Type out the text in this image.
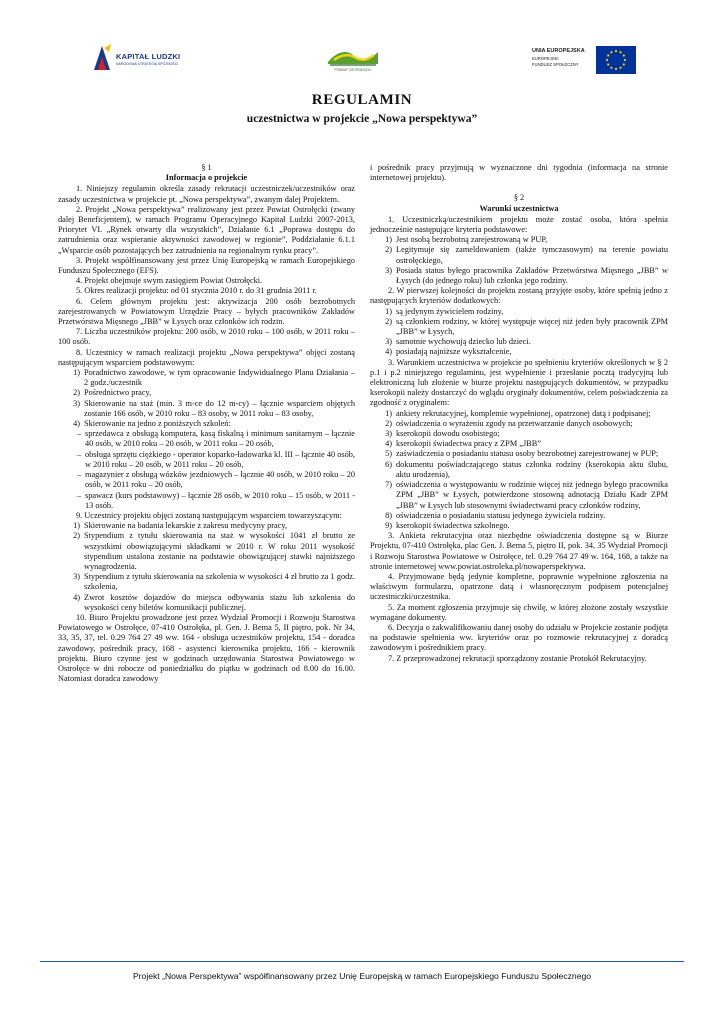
KAPITAŁ LUDZKI
NARODOWA STRATEGIA SPÓJNOŚCI
POWIAT OSTROŁĘCKI
UNIA EUROPEJSKA
EUROPEJSKI
FUNDUSZ SPOŁECZNY
REGULAMIN
uczestnictwa w projekcie „Nowa perspektywa”
§ 1
Informacja o projekcie

1. Niniejszy regulamin określa zasady rekrutacji uczestniczek/uczestników oraz zasady uczestnictwa w projekcie pt. „Nowa perspektywa”, zwanym dalej Projektem.

2. Projekt „Nowa perspektywa” realizowany jest przez Powiat Ostrołęcki (zwany dalej Beneficjentem), w ramach Programu Operacyjnego Kapitał Ludzki 2007-2013, Priorytet VI. „Rynek otwarty dla wszystkich”, Działanie 6.1 „Poprawa dostępu do zatrudnienia oraz wspieranie aktywności zawodowej w regionie”, Poddziałanie 6.1.1 „Wsparcie osób pozostających bez zatrudnienia na regionalnym rynku pracy”.

3. Projekt współfinansowany jest przez Unię Europejską w ramach Europejskiego Funduszu Społecznego (EFS).

4. Projekt obejmuje swym zasięgiem Powiat Ostrołęcki.

5. Okres realizacji projektu: od 01 stycznia 2010 r. do 31 grudnia 2011 r.

6. Celem głównym projektu jest: aktywizacja 200 osób bezrobotnych zarejestrowanych w Powiatowym Urzędzie Pracy – byłych pracowników Zakładów Przetwórstwa Mięsnego „JBB” w Łysych oraz członków ich rodzin.

7. Liczba uczestników projektu: 200 osób, w 2010 roku – 100 osób, w 2011 roku – 100 osób.

8. Uczestnicy w ramach realizacji projektu „Nowa perspektywa” objęci zostaną następującym wsparciem podstawowym:

1) Poradnictwo zawodowe, w tym opracowanie Indywidualnego Planu Działania – 2 godz./uczestnik
2) Pośrednictwo pracy,
3) Skierowanie na staż (min. 3 m-ce do 12 m-cy) – łącznie wsparciem objętych zostanie 166 osób, w 2010 roku – 83 osoby, w 2011 roku – 83 osoby,
4) Skierowanie na jedno z poniższych szkoleń:
– sprzedawca z obsługą komputera, kasą fiskalną i minimum sanitarnym – łącznie 40 osób, w 2010 roku – 20 osób, w 2011 roku – 20 osób,
– obsługa sprzętu ciężkiego - operator koparko-ładowarka kl. III – łącznie 40 osób, w 2010 roku – 20 osób, w 2011 roku – 20 osób,
– magazynier z obsługą wózków jezdniowych – łącznie 40 osób, w 2010 roku – 20 osób, w 2011 roku – 20 osób,
– spawacz (kurs podstawowy) – łącznie 28 osób, w 2010 roku – 15 osób, w 2011 - 13 osób.

9. Uczestnicy projektu objęci zostaną następującym wsparciem towarzyszącym:

1) Skierowanie na badania lekarskie z zakresu medycyny pracy,
2) Stypendium z tytułu skierowania na staż w wysokości 1041 zł brutto ze wszystkimi obowiązującymi składkami w 2010 r. W roku 2011 wysokość stypendium ustalona zostanie na podstawie obowiązującej stawki najniższego wynagrodzenia.
3) Stypendium z tytułu skierowania na szkolenia w wysokości 4 zł brutto za 1 godz. szkolenia,
4) Zwrot kosztów dojazdów do miejsca odbywania stażu lub szkolenia do wysokości ceny biletów komunikacji publicznej.

10. Biuro Projektu prowadzone jest przez Wydział Promocji i Rozwoju Starostwa Powiatowego w Ostrołęce, 07-410 Ostrołęka, pl. Gen. J. Bema 5, II piętro, pok. Nr 34, 33, 35, 37, tel. 0.29 764 27 49 ww. 164 - obsługa uczestników projektu, 154 - doradca zawodowy, pośrednik pracy, 168 - asystenci kierownika projektu, 166 - kierownik projektu. Biuro czynne jest w godzinach urzędowania Starostwa Powiatowego w Ostrołęce w dni robocze od poniedziałku do piątku w godzinach od 8.00 do 16.00. Natomiast doradca zawodowy

i pośrednik pracy przyjmują w wyznaczone dni tygodnia (informacja na stronie internetowej projektu).
§ 2
Warunki uczestnictwa

1. Uczestniczką/uczestnikiem projektu może zostać osoba, która spełnia jednocześnie następujące kryteria podstawowe:

1) Jest osobą bezrobotną zarejestrowaną w PUP,
2) Legitymuje się zameldowaniem (także tymczasowym) na terenie powiatu ostrołęckiego,
3) Posiada status byłego pracownika Zakładów Przetwórstwa Mięsnego „JBB” w Łysych (do jednego roku) lub członka jego rodziny.

2. W pierwszej kolejności do projektu zostaną przyjęte osoby, które spełnią jedno z następujących kryteriów dodatkowych:

1) są jedynym żywicielem rodziny,
2) są członkiem rodziny, w której występuje więcej niż jeden były pracownik ZPM „JBB” w Łysych,
3) samotnie wychowują dziecko lub dzieci.
4) posiadają najniższe wykształcenie,

3. Warunkiem uczestnictwa w projekcie po spełnieniu kryteriów określonych w § 2 p.1 i p.2 niniejszego regulaminu, jest wypełnienie i przesłanie pocztą tradycyjną lub elektroniczną lub złożenie w biurze projektu następujących dokumentów, w przypadku kserokopii należy dostarczyć do wglądu oryginały dokumentów, celem poświadczenia za zgodność z oryginałem:

1) ankiety rekrutacyjnej, kompletnie wypełnionej, opatrzonej datą i podpisanej;
2) oświadczenia o wyrażeniu zgody na przetwarzanie danych osobowych;
3) kserokopii dowodu osobistego;
4) kserokopii świadectwa pracy z ZPM „JBB”
5) zaświadczenia o posiadaniu statusu osoby bezrobotnej zarejestrowanej w PUP;
6) dokumentu poświadczającego status członka rodziny (kserokopia aktu ślubu, aktu urodzenia),
7) oświadczenia o występowaniu w rodzinie więcej niż jednego byłego pracownika ZPM „JBB” w Łysych, potwierdzone stosowną adnotacją Działu Kadr ZPM „JBB” w Łysych lub stosownymi świadectwami pracy członków rodziny,
8) oświadczenia o posiadaniu statusu jedynego żywiciela rodziny.
9) kserokopii świadectwa szkolnego.

3. Ankieta rekrutacyjna oraz niezbędne oświadczenia dostępne są w Biurze Projektu, 07-410 Ostrołęka, plac Gen. J. Bema 5, piętro II, pok. 34, 35 Wydział Promocji i Rozwoju Starostwa Powiatowe w Ostrołęce, tel. 0.29 764 27 49 w. 164, 168, a także na stronie internetowej www.powiat.ostroleka.pl/nowaperspektywa.

4. Przyjmowane będą jedynie kompletne, poprawnie wypełnione zgłoszenia na właściwym formularzu, opatrzone datą i własnoręcznym podpisem potencjalnej uczestniczki/uczestnika.

5. Za moment zgłoszenia przyjmuje się chwilę, w której złożone zostały wszystkie wymagane dokumenty.

6. Decyzja o zakwalifikowaniu danej osoby do udziału w Projekcie zostanie podjęta na podstawie spełnienia ww. kryteriów oraz po rozmowie rekrutacyjnej z doradcą zawodowym i pośrednikiem pracy.

7. Z przeprowadzonej rekrutacji sporządzony zostanie Protokół Rekrutacyjny.

Projekt „Nowa Perspektywa” współfinansowany przez Unię Europejską w ramach Europejskiego Funduszu Społecznego
